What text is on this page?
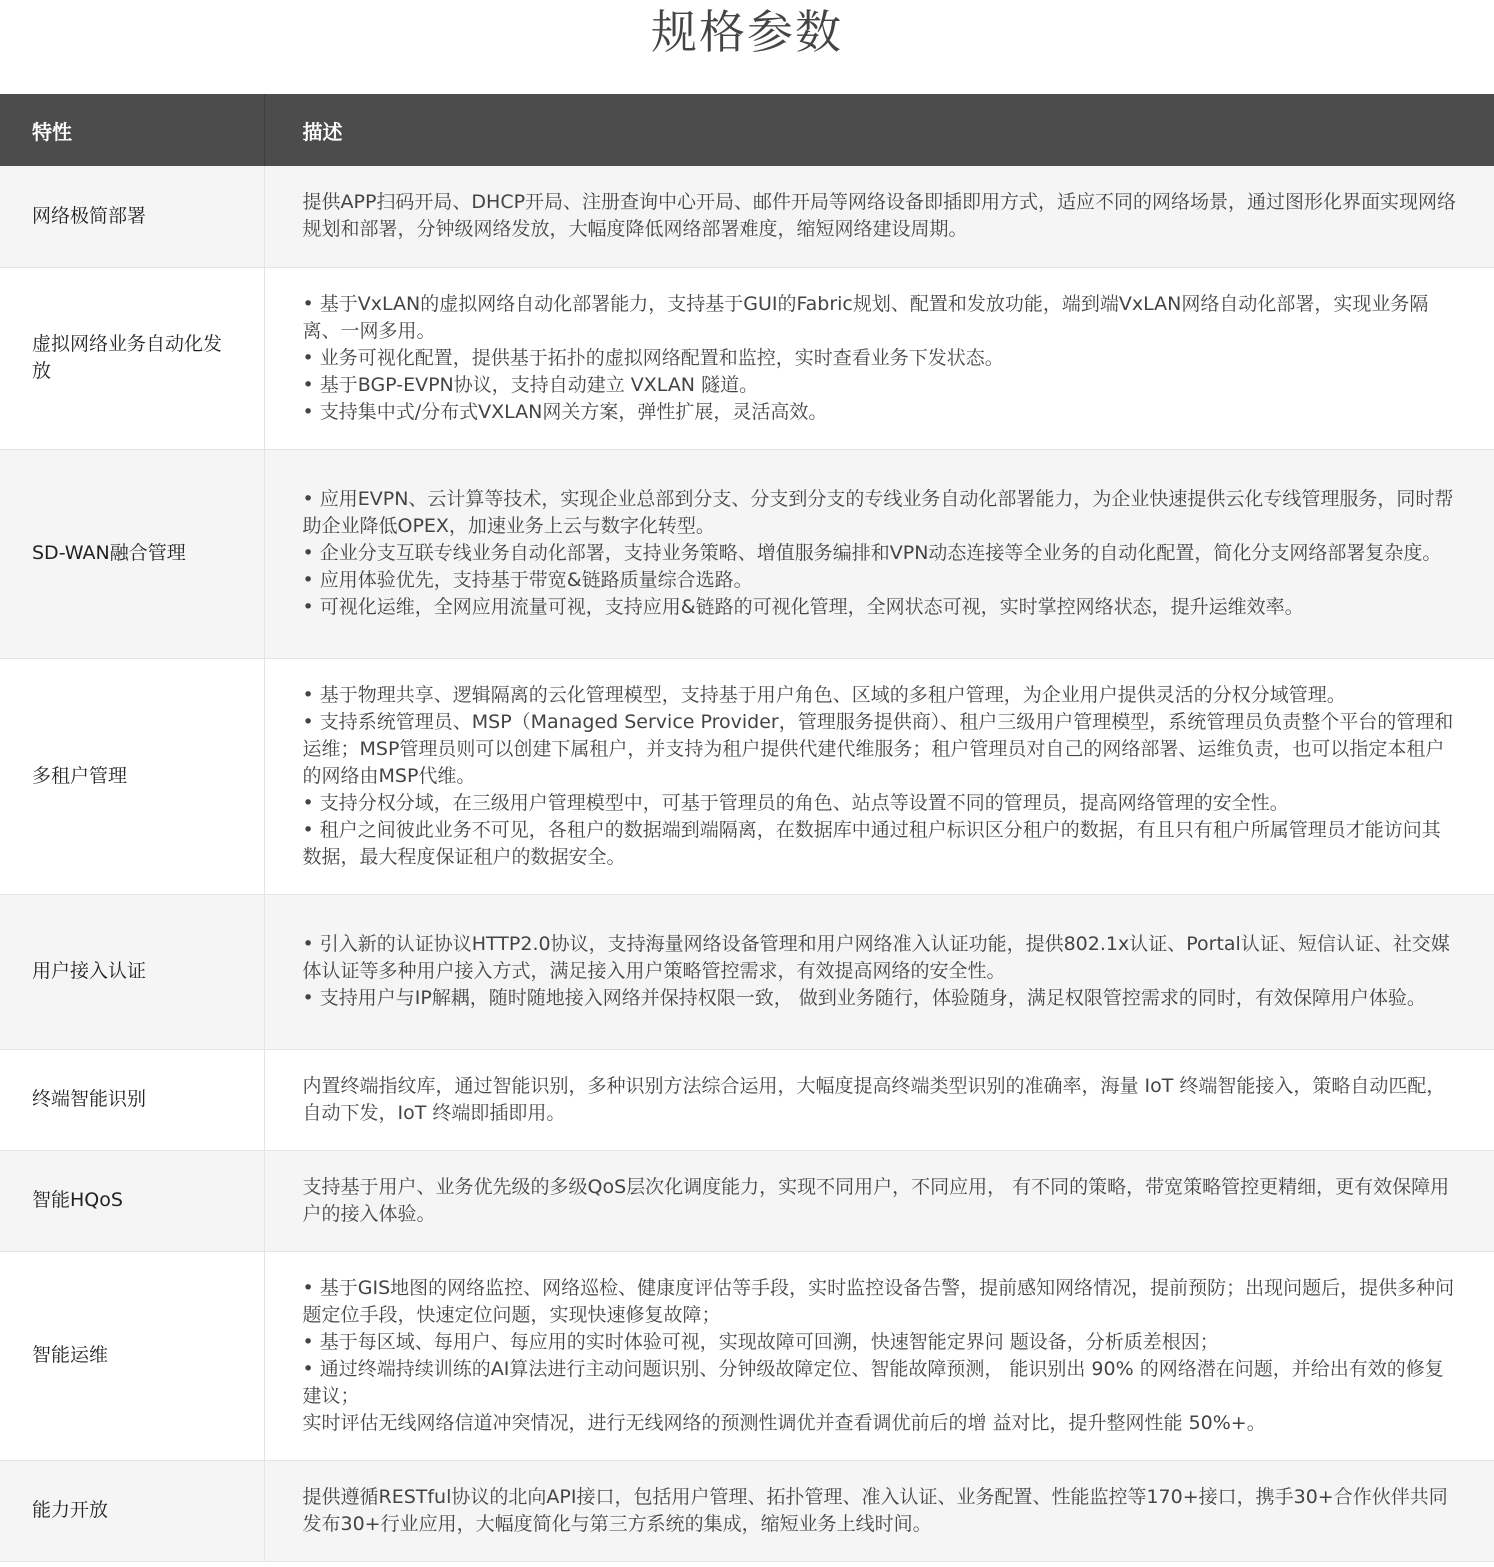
规格参数
特性	描述
网络极简部署	提供APP扫码开局、DHCP开局、注册查询中心开局、邮件开局等网络设备即插即用方式，适应不同的网络场景，通过图形化界面实现网络规划和部署，分钟级网络发放，大幅度降低网络部署难度，缩短网络建设周期。

虚拟网络业务自动化发放	• 基于VxLAN的虚拟网络自动化部署能力，支持基于GUI的Fabric规划、配置和发放功能，端到端VxLAN网络自动化部署，实现业务隔离、一网多用。
• 业务可视化配置，提供基于拓扑的虚拟网络配置和监控，实时查看业务下发状态。
• 基于BGP-EVPN协议，支持自动建立 VXLAN 隧道。
• 支持集中式/分布式VXLAN网关方案，弹性扩展，灵活高效。

SD-WAN融合管理	• 应用EVPN、云计算等技术，实现企业总部到分支、分支到分支的专线业务自动化部署能力，为企业快速提供云化专线管理服务，同时帮助企业降低OPEX，加速业务上云与数字化转型。
• 企业分支互联专线业务自动化部署，支持业务策略、增值服务编排和VPN动态连接等全业务的自动化配置，简化分支网络部署复杂度。
• 应用体验优先，支持基于带宽&链路质量综合选路。
• 可视化运维，全网应用流量可视，支持应用&链路的可视化管理，全网状态可视，实时掌控网络状态，提升运维效率。

多租户管理	• 基于物理共享、逻辑隔离的云化管理模型，支持基于用户角色、区域的多租户管理，为企业用户提供灵活的分权分域管理。
• 支持系统管理员、MSP（Managed Service Provider，管理服务提供商）、租户三级用户管理模型，系统管理员负责整个平台的管理和运维；MSP管理员则可以创建下属租户，并支持为租户提供代建代维服务；租户管理员对自己的网络部署、运维负责，也可以指定本租户的网络由MSP代维。
• 支持分权分域，在三级用户管理模型中，可基于管理员的角色、站点等设置不同的管理员，提高网络管理的安全性。
• 租户之间彼此业务不可见，各租户的数据端到端隔离，在数据库中通过租户标识区分租户的数据，有且只有租户所属管理员才能访问其数据，最大程度保证租户的数据安全。

用户接入认证	• 引入新的认证协议HTTP2.0协议，支持海量网络设备管理和用户网络准入认证功能，提供802.1x认证、Portal认证、短信认证、社交媒体认证等多种用户接入方式，满足接入用户策略管控需求，有效提高网络的安全性。
• 支持用户与IP解耦，随时随地接入网络并保持权限一致， 做到业务随行，体验随身，满足权限管控需求的同时，有效保障用户体验。

终端智能识别	内置终端指纹库，通过智能识别，多种识别方法综合运用，大幅度提高终端类型识别的准确率，海量 IoT 终端智能接入，策略自动匹配，自动下发，IoT 终端即插即用。

智能HQoS	支持基于用户、业务优先级的多级QoS层次化调度能力，实现不同用户，不同应用， 有不同的策略，带宽策略管控更精细，更有效保障用户的接入体验。

智能运维	• 基于GIS地图的网络监控、网络巡检、健康度评估等手段，实时监控设备告警，提前感知网络情况，提前预防；出现问题后，提供多种问题定位手段，快速定位问题，实现快速修复故障；
• 基于每区域、每用户、每应用的实时体验可视，实现故障可回溯，快速智能定界问 题设备，分析质差根因；
• 通过终端持续训练的AI算法进行主动问题识别、分钟级故障定位、智能故障预测， 能识别出 90% 的网络潜在问题，并给出有效的修复建议；
实时评估无线网络信道冲突情况，进行无线网络的预测性调优并查看调优前后的增 益对比，提升整网性能 50%+。

能力开放	提供遵循RESTful协议的北向API接口，包括用户管理、拓扑管理、准入认证、业务配置、性能监控等170+接口，携手30+合作伙伴共同发布30+行业应用，大幅度简化与第三方系统的集成，缩短业务上线时间。
